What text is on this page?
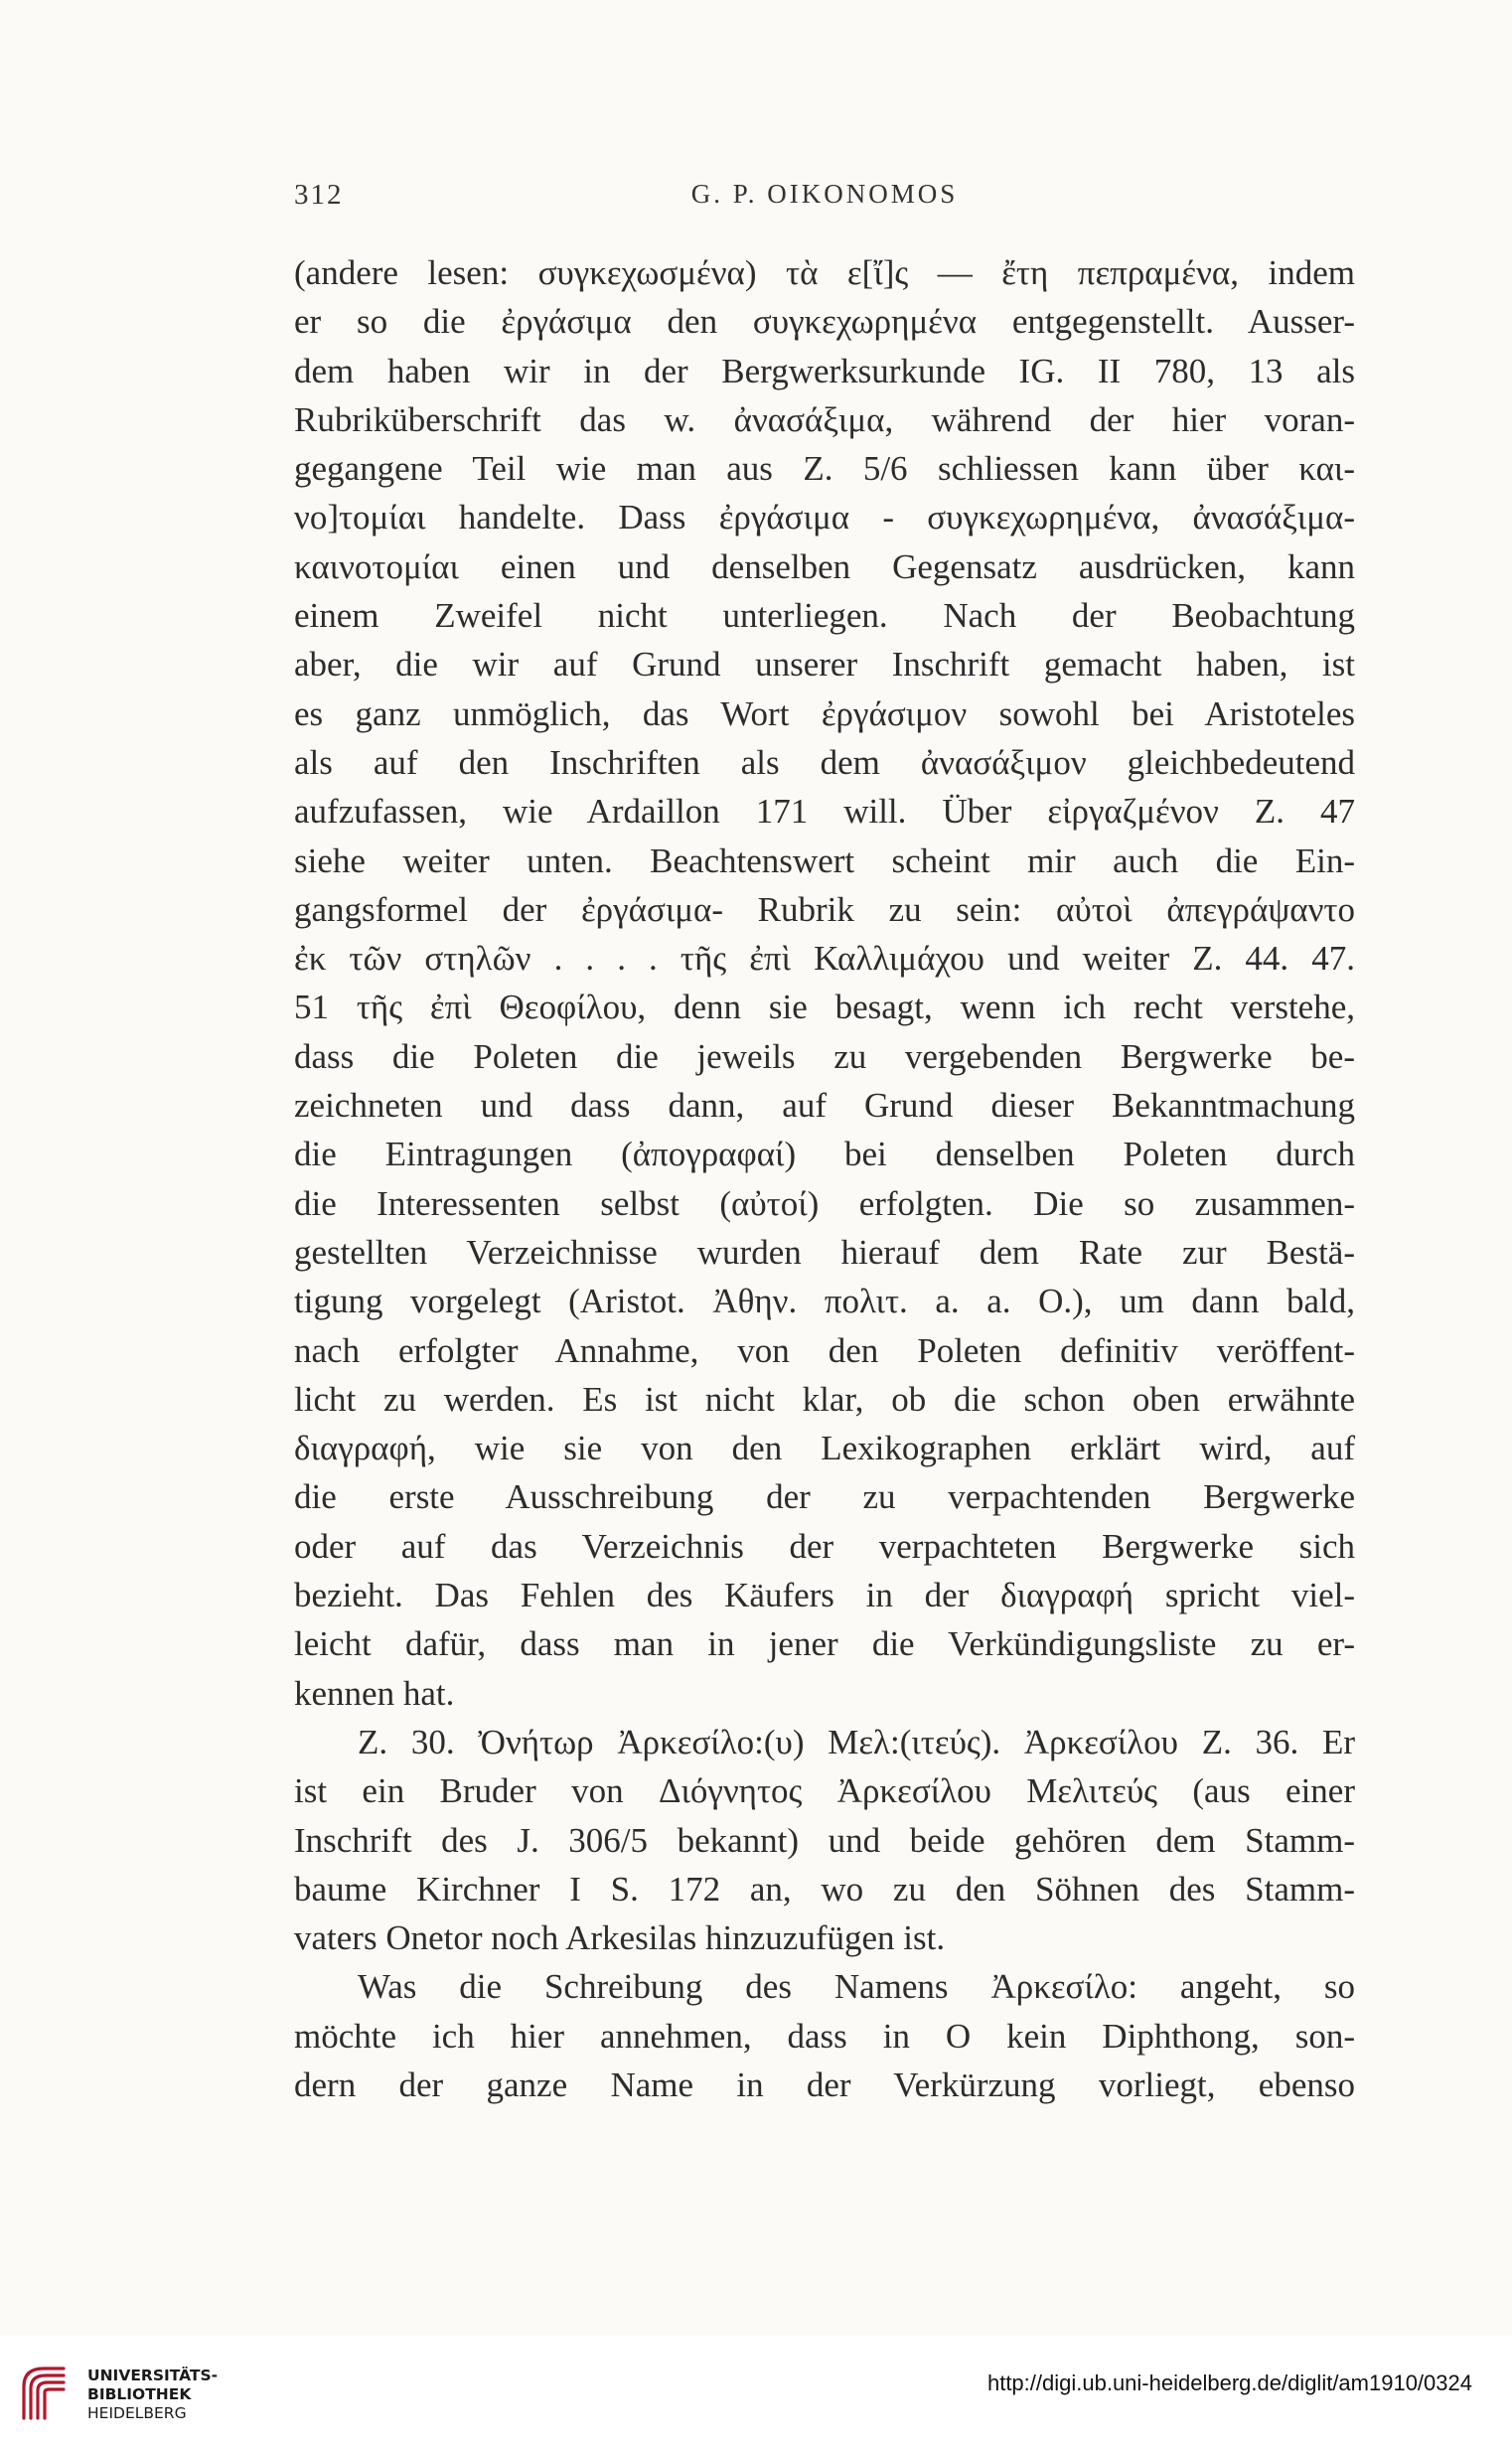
312	G. P. OIKONOMOS
(andere lesen: συγκεχωσμένα) τὰ ε[ἴ]ς — ἔτη πεπραμένα, indem
er so die ἐργάσιμα den συγκεχωρημένα entgegenstellt. Ausser-
dem haben wir in der Bergwerksurkunde IG. II 780, 13 als
Rubriküberschrift das w. ἀνασάξιμα, während der hier voran-
gegangene Teil wie man aus Z. 5/6 schliessen kann über και-
νο]τομίαι handelte. Dass ἐργάσιμα - συγκεχωρημένα, ἀνασάξιμα-
καινοτομίαι einen und denselben Gegensatz ausdrücken, kann
einem Zweifel nicht unterliegen. Nach der Beobachtung
aber, die wir auf Grund unserer Inschrift gemacht haben, ist
es ganz unmöglich, das Wort ἐργάσιμον sowohl bei Aristoteles
als auf den Inschriften als dem ἀνασάξιμον gleichbedeutend
aufzufassen, wie Ardaillon 171 will. Über εἰργαζμένον Z. 47
siehe weiter unten. Beachtenswert scheint mir auch die Ein-
gangsformel der ἐργάσιμα- Rubrik zu sein: αὐτοὶ ἀπεγράψαντο
ἐκ τῶν στηλῶν . . . . τῆς ἐπὶ Καλλιμάχου und weiter Z. 44. 47.
51 τῆς ἐπὶ Θεοφίλου, denn sie besagt, wenn ich recht verstehe,
dass die Poleten die jeweils zu vergebenden Bergwerke be-
zeichneten und dass dann, auf Grund dieser Bekanntmachung
die Eintragungen (ἀπογραφαί) bei denselben Poleten durch
die Interessenten selbst (αὐτοί) erfolgten. Die so zusammen-
gestellten Verzeichnisse wurden hierauf dem Rate zur Bestä-
tigung vorgelegt (Aristot. Ἀθην. πολιτ. a. a. O.), um dann bald,
nach erfolgter Annahme, von den Poleten definitiv veröffent-
licht zu werden. Es ist nicht klar, ob die schon oben erwähnte
διαγραφή, wie sie von den Lexikographen erklärt wird, auf
die erste Ausschreibung der zu verpachtenden Bergwerke
oder auf das Verzeichnis der verpachteten Bergwerke sich
bezieht. Das Fehlen des Käufers in der διαγραφή spricht viel-
leicht dafür, dass man in jener die Verkündigungsliste zu er-
kennen hat.
Z. 30. Ὀνήτωρ Ἀρκεσίλο:(υ) Μελ:(ιτεύς). Ἀρκεσίλου Z. 36. Er
ist ein Bruder von Διόγνητος Ἀρκεσίλου Μελιτεύς (aus einer
Inschrift des J. 306/5 bekannt) und beide gehören dem Stamm-
baume Kirchner I S. 172 an, wo zu den Söhnen des Stamm-
vaters Onetor noch Arkesilas hinzuzufügen ist.
Was die Schreibung des Namens Ἀρκεσίλο: angeht, so
möchte ich hier annehmen, dass in O kein Diphthong, son-
dern der ganze Name in der Verkürzung vorliegt, ebenso
UNIVERSITÄTS-
BIBLIOTHEK
HEIDELBERG
http://digi.ub.uni-heidelberg.de/diglit/am1910/0324
